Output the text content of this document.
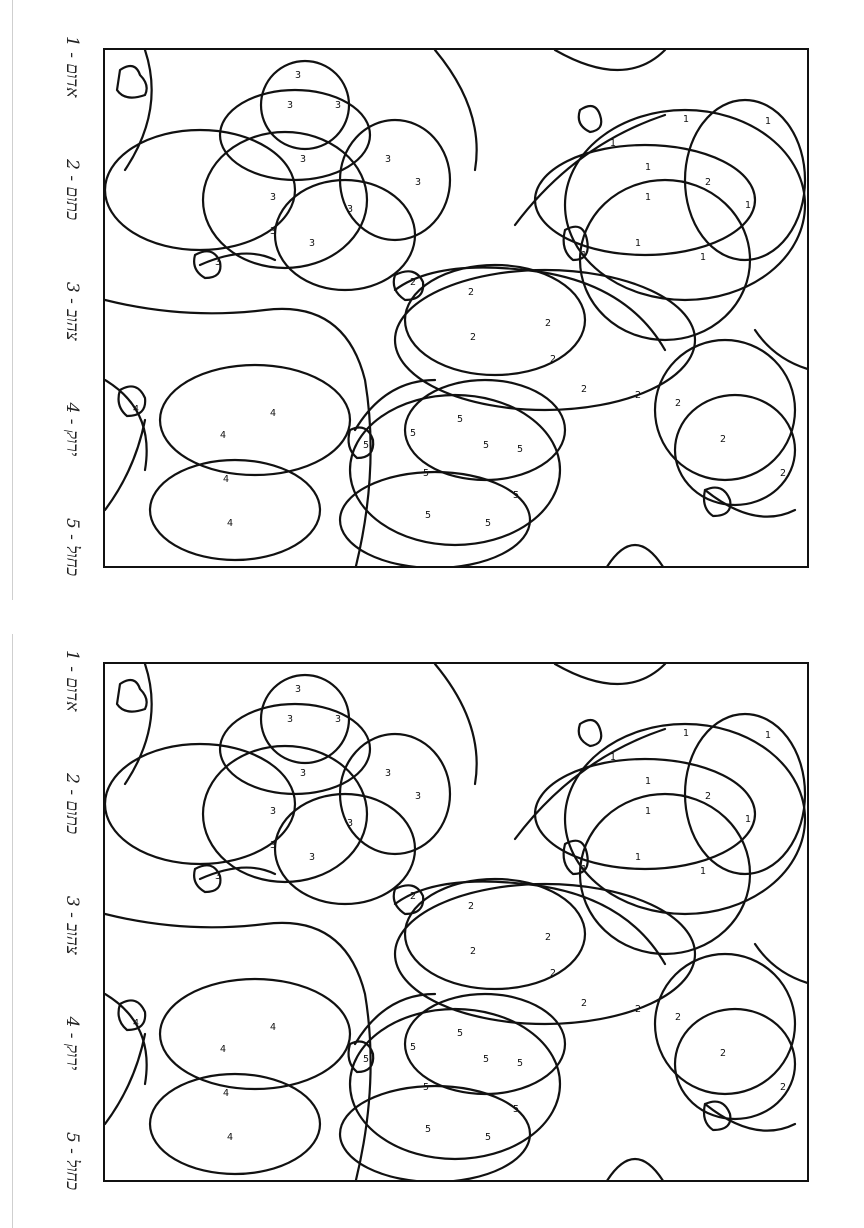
1 - אדום
2 - כתום
3 - צהוב
4 - ירוק
5 - כחול
3
3	3
3
3
3
3
3
3
3
3
1	1
1
1
2
1
1
1
1
1
2
2
2
2
2
2
2
2
2
2
4	4
4
4
4
5
5
5
5	5
5
5
5
5
1 - אדום
2 - כתום
3 - צהוב
4 - ירוק
5 - כחול
3
3	3
3
3
3
3
3
3
3
3
1	1
1
1
2
1
1
1
1
1
2
2
2
2
2
2
2
2
2
2
4	4
4
4
4
5
5
5
5	5
5
5
5
5
